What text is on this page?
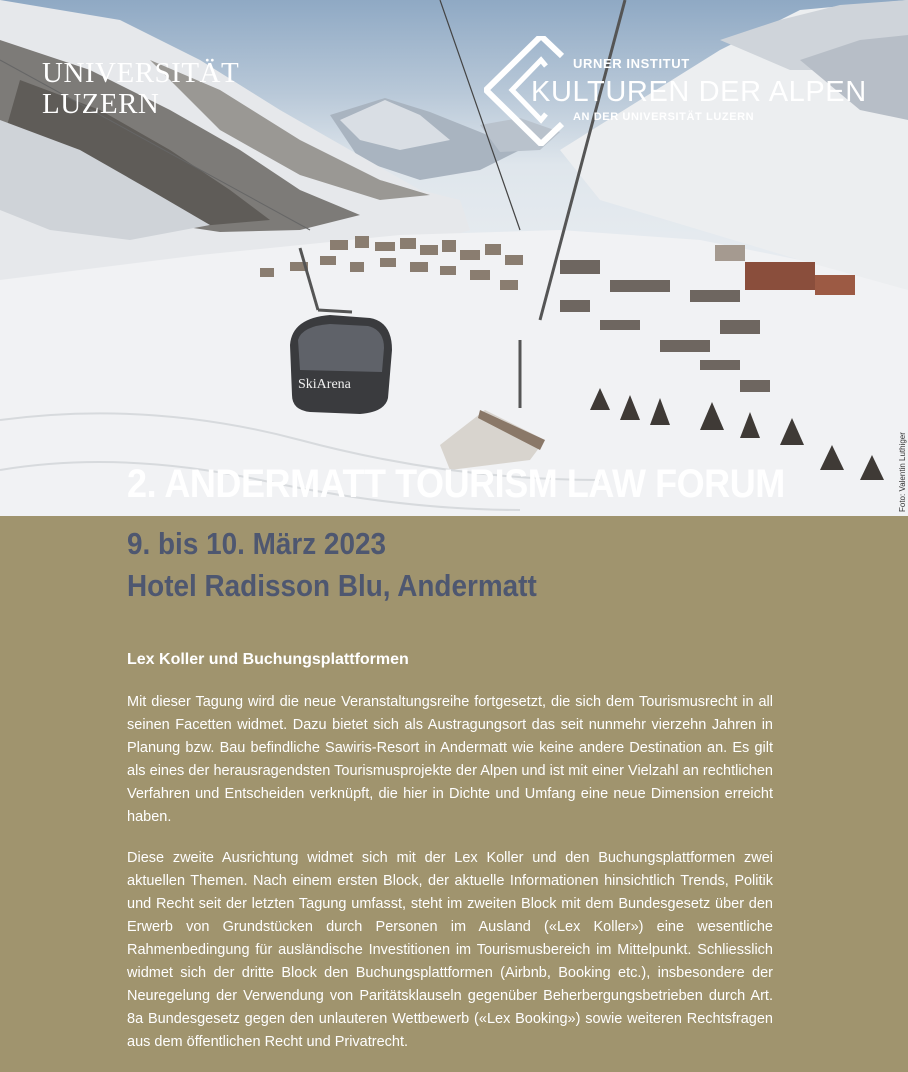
SkiArena
UNIVERSITÄT
LUZERN
URNER INSTITUT
KULTUREN DER ALPEN
AN DER UNIVERSITÄT LUZERN
Foto: Valentin Luthiger
2. ANDERMATT TOURISM LAW FORUM
9. bis 10. März 2023
Hotel Radisson Blu, Andermatt
Lex Koller und Buchungsplattformen

Mit dieser Tagung wird die neue Veranstaltungsreihe fortgesetzt, die sich dem Tourismusrecht in all seinen Facetten widmet. Dazu bietet sich als Austragungsort das seit nunmehr vierzehn Jahren in Planung bzw. Bau befindliche Sawiris-Resort in Andermatt wie keine andere Destination an. Es gilt als eines der herausragendsten Tourismusprojekte der Alpen und ist mit einer Vielzahl an rechtlichen Verfahren und Entscheiden verknüpft, die hier in Dichte und Umfang eine neue Dimension erreicht haben.

Diese zweite Ausrichtung widmet sich mit der Lex Koller und den Buchungsplattformen zwei aktuellen Themen. Nach einem ersten Block, der aktuelle Informationen hinsichtlich Trends, Politik und Recht seit der letzten Tagung umfasst, steht im zweiten Block mit dem Bundesgesetz über den Erwerb von Grundstücken durch Personen im Ausland («Lex Koller») eine wesentliche Rahmenbedingung für ausländische Investitionen im Tourismusbereich im Mittelpunkt. Schliesslich widmet sich der dritte Block den Buchungsplattformen (Airbnb, Booking etc.), insbesondere der Neuregelung der Verwendung von Paritätsklauseln gegenüber Beherbergungsbetrieben durch Art. 8a Bundesgesetz gegen den unlauteren Wettbewerb («Lex Booking») sowie weiteren Rechtsfragen aus dem öffentlichen Recht und Privatrecht.
